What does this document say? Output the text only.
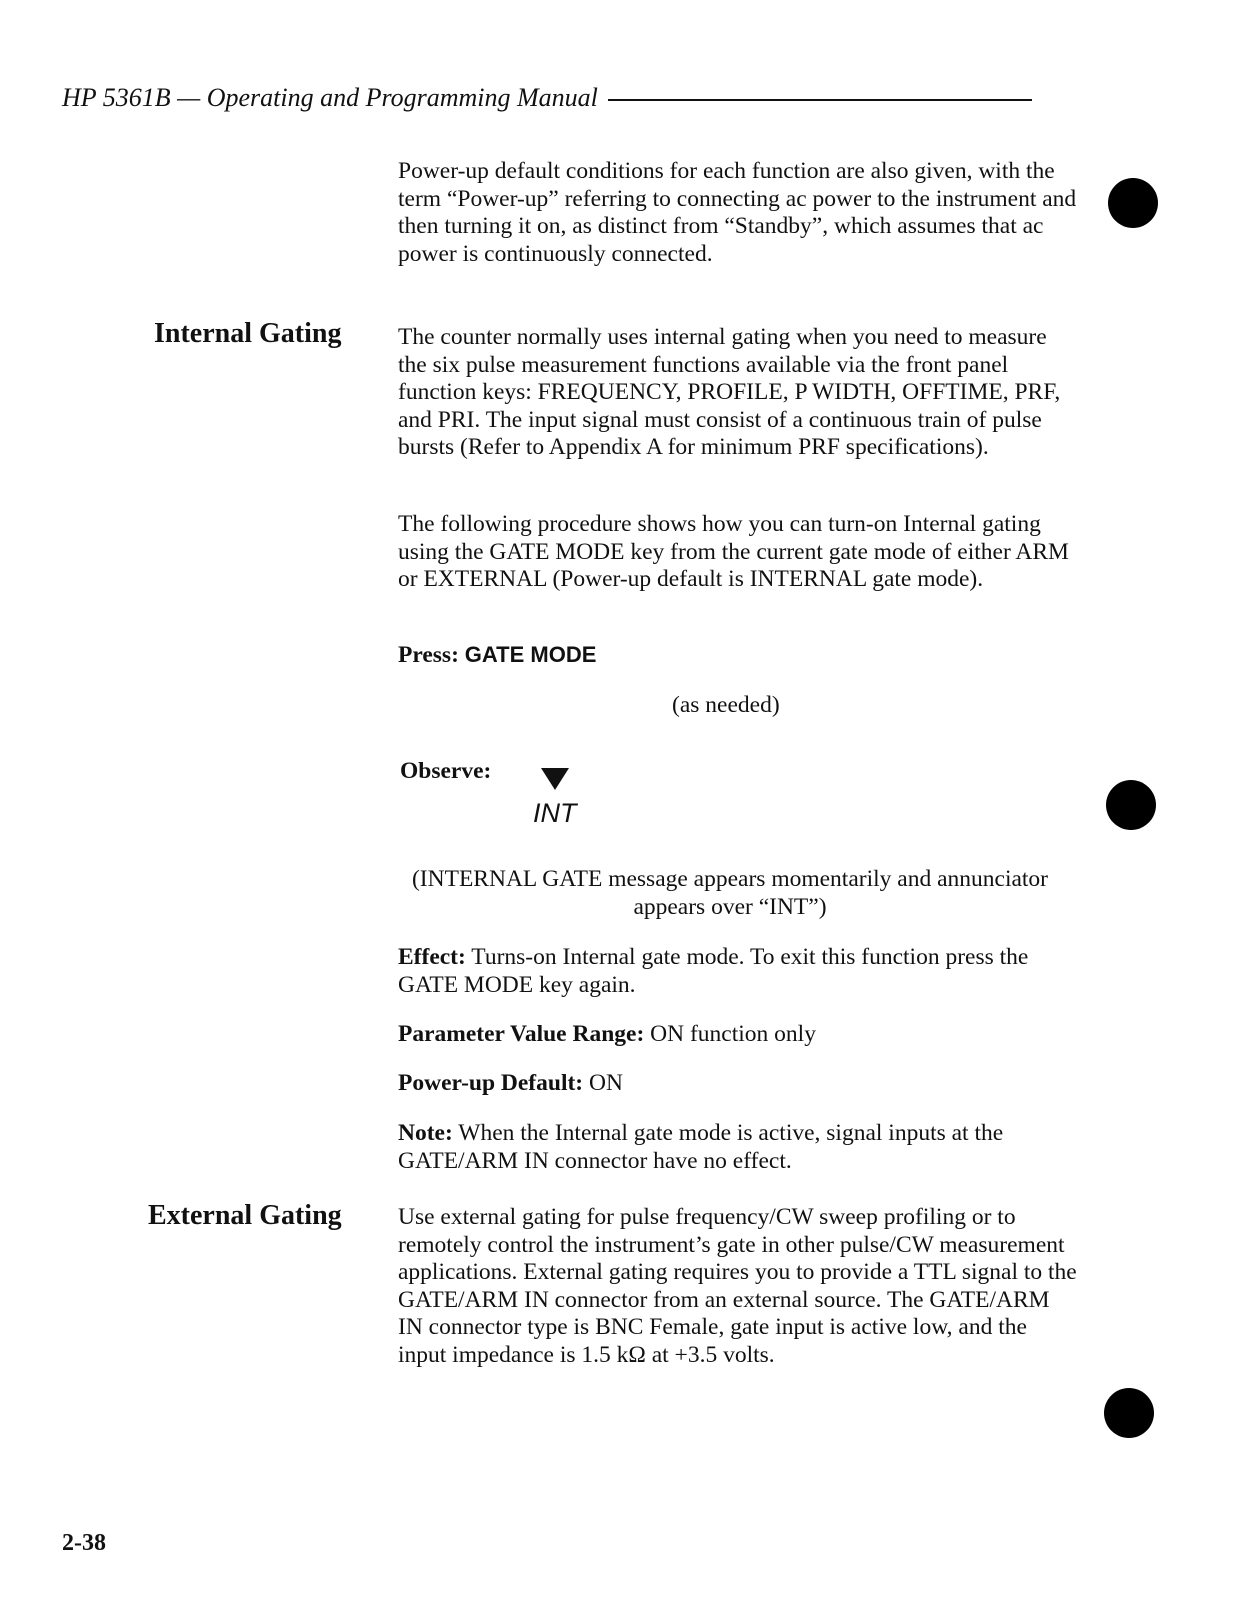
HP 5361B — Operating and Programming Manual

Power-up default conditions for each function are also given, with the term “Power-up” referring to connecting ac power to the instrument and then turning it on, as distinct from “Standby”, which assumes that ac power is continuously connected.

Internal Gating The counter normally uses internal gating when you need to measure the six pulse measurement functions available via the front panel function keys: FREQUENCY, PROFILE, P WIDTH, OFFTIME, PRF, and PRI. The input signal must consist of a continuous train of pulse bursts (Refer to Appendix A for minimum PRF specifications).

The following procedure shows how you can turn-on Internal gating using the GATE MODE key from the current gate mode of either ARM or EXTERNAL (Power-up default is INTERNAL gate mode).

Press: GATE MODE
(as needed)
Observe:
INT

(INTERNAL GATE message appears momentarily and annunciator appears over “INT”)

Effect: Turns-on Internal gate mode. To exit this function press the GATE MODE key again.

Parameter Value Range: ON function only

Power-up Default: ON

Note: When the Internal gate mode is active, signal inputs at the GATE/ARM IN connector have no effect.

External Gating Use external gating for pulse frequency/CW sweep profiling or to remotely control the instrument’s gate in other pulse/CW measurement applications. External gating requires you to provide a TTL signal to the GATE/ARM IN connector from an external source. The GATE/ARM IN connector type is BNC Female, gate input is active low, and the input impedance is 1.5 kΩ at +3.5 volts.

2-38
